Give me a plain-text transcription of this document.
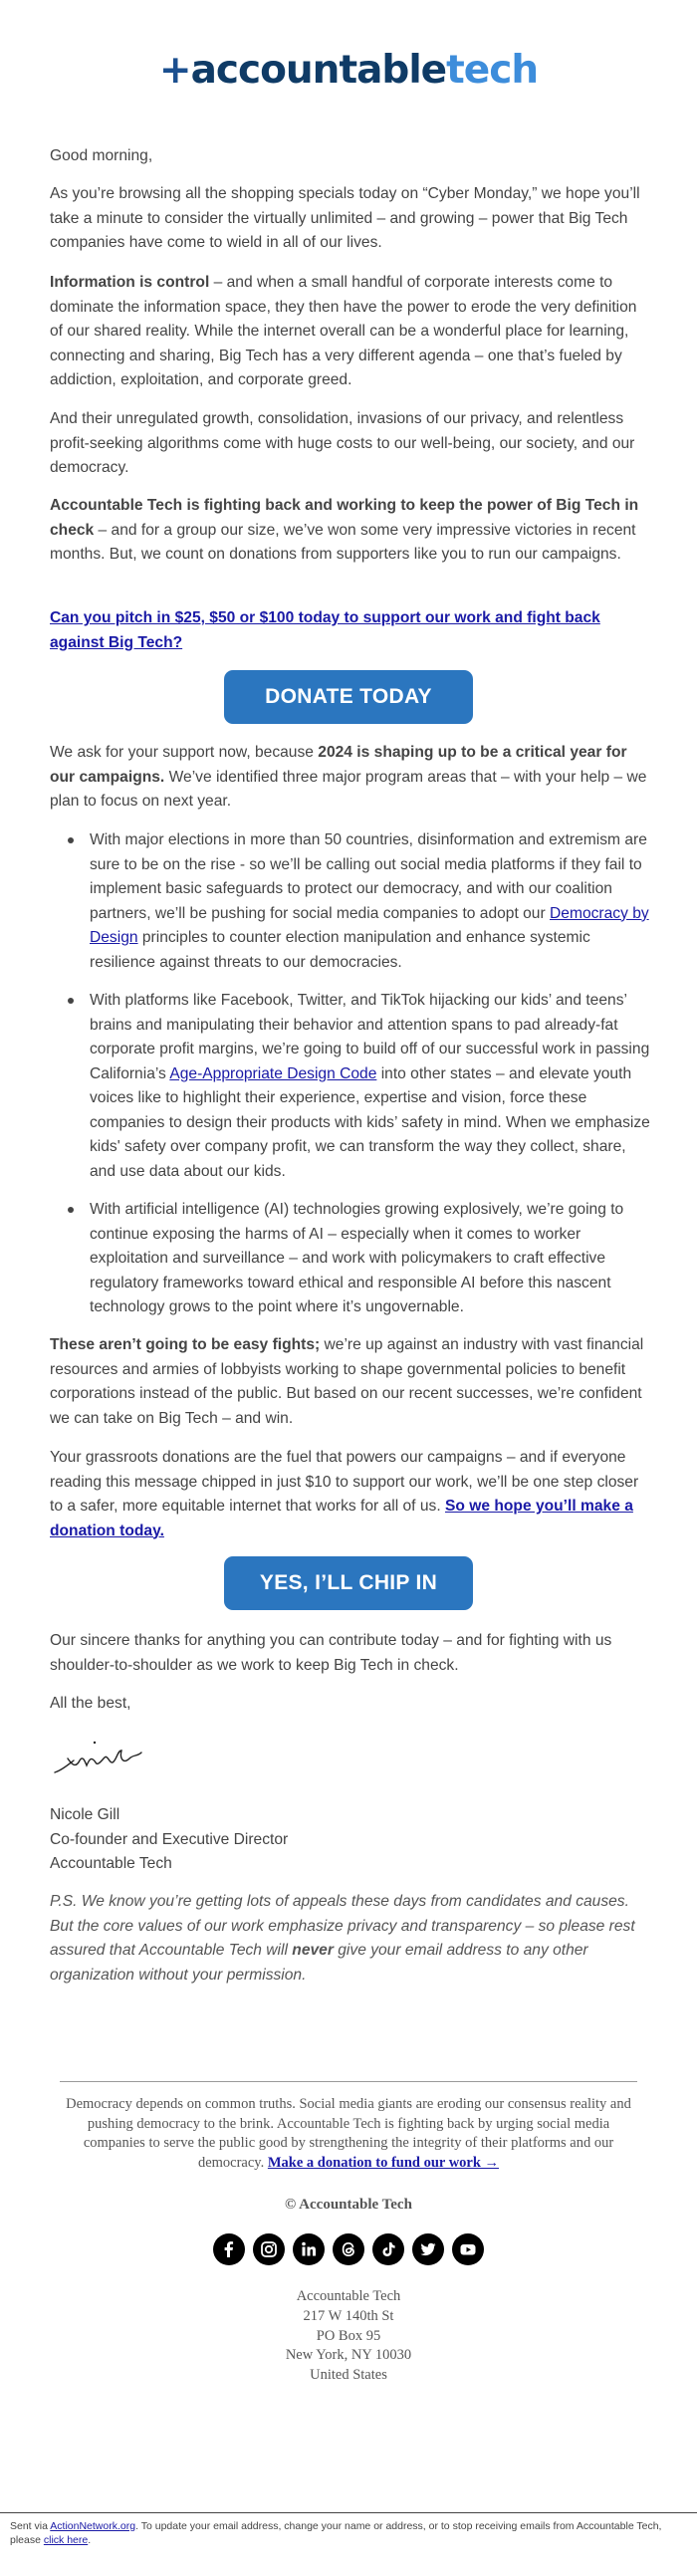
+accountabletech
Good morning,

As you’re browsing all the shopping specials today on “Cyber Monday,” we hope you’ll take a minute to consider the virtually unlimited – and growing – power that Big Tech companies have come to wield in all of our lives.

Information is control – and when a small handful of corporate interests come to dominate the information space, they then have the power to erode the very definition of our shared reality. While the internet overall can be a wonderful place for learning, connecting and sharing, Big Tech has a very different agenda – one that’s fueled by addiction, exploitation, and corporate greed.

And their unregulated growth, consolidation, invasions of our privacy, and relentless profit-seeking algorithms come with huge costs to our well-being, our society, and our democracy.

Accountable Tech is fighting back and working to keep the power of Big Tech in check – and for a group our size, we’ve won some very impressive victories in recent months. But, we count on donations from supporters like you to run our campaigns.

Can you pitch in $25, $50 or $100 today to support our work and fight back against Big Tech?
DONATE TODAY

We ask for your support now, because 2024 is shaping up to be a critical year for our campaigns. We’ve identified three major program areas that – with your help – we plan to focus on next year.

With major elections in more than 50 countries, disinformation and extremism are sure to be on the rise - so we’ll be calling out social media platforms if they fail to implement basic safeguards to protect our democracy, and with our coalition partners, we’ll be pushing for social media companies to adopt our Democracy by Design principles to counter election manipulation and enhance systemic resilience against threats to our democracies.
With platforms like Facebook, Twitter, and TikTok hijacking our kids’ and teens’ brains and manipulating their behavior and attention spans to pad already-fat corporate profit margins, we’re going to build off of our successful work in passing California’s Age-Appropriate Design Code into other states – and elevate youth voices like to highlight their experience, expertise and vision, force these companies to design their products with kids’ safety in mind. When we emphasize kids' safety over company profit, we can transform the way they collect, share, and use data about our kids.
With artificial intelligence (AI) technologies growing explosively, we’re going to continue exposing the harms of AI – especially when it comes to worker exploitation and surveillance – and work with policymakers to craft effective regulatory frameworks toward ethical and responsible AI before this nascent technology grows to the point where it’s ungovernable.

These aren’t going to be easy fights; we’re up against an industry with vast financial resources and armies of lobbyists working to shape governmental policies to benefit corporations instead of the public. But based on our recent successes, we’re confident we can take on Big Tech – and win.

Your grassroots donations are the fuel that powers our campaigns – and if everyone reading this message chipped in just $10 to support our work, we’ll be one step closer to a safer, more equitable internet that works for all of us. So we hope you’ll make a donation today.

YES, I’LL CHIP IN

Our sincere thanks for anything you can contribute today – and for fighting with us shoulder-to-shoulder as we work to keep Big Tech in check.

All the best,
Nicole
Nicole Gill
Co-founder and Executive Director
Accountable Tech

P.S. We know you’re getting lots of appeals these days from candidates and causes. But the core values of our work emphasize privacy and transparency – so please rest assured that Accountable Tech will never give your email address to any other organization without your permission.

Democracy depends on common truths. Social media giants are eroding our consensus reality and pushing democracy to the brink. Accountable Tech is fighting back by urging social media companies to serve the public good by strengthening the integrity of their platforms and our democracy. Make a donation to fund our work →
© Accountable Tech
Accountable Tech
217 W 140th St
PO Box 95
New York, NY 10030
United States
Sent via ActionNetwork.org. To update your email address, change your name or address, or to stop receiving emails from Accountable Tech, please click here.
